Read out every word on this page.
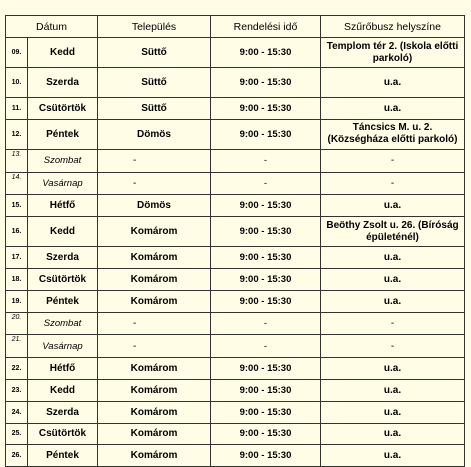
Dátum		Település	Rendelési idő	Szűrőbusz helyszíne
09.	Kedd	Süttő	9:00 - 15:30	Templom tér 2. (Iskola előtti parkoló)
10.	Szerda	Süttő	9:00 - 15:30	u.a.
11.	Csütörtök	Süttő	9:00 - 15:30	u.a.
12.	Péntek	Dömös	9:00 - 15:30	Táncsics M. u. 2. (Községháza előtti parkoló)
13.	Szombat	-	-	-
14.	Vasárnap	-	-	-
15.	Hétfő	Dömös	9:00 - 15:30	u.a.
16.	Kedd	Komárom	9:00 - 15:30	Beöthy Zsolt u. 26. (Bíróság épületénél)
17.	Szerda	Komárom	9:00 - 15:30	u.a.
18.	Csütörtök	Komárom	9:00 - 15:30	u.a.
19.	Péntek	Komárom	9:00 - 15:30	u.a.
20.	Szombat	-	-	-
21.	Vasárnap	-	-	-
22.	Hétfő	Komárom	9:00 - 15:30	u.a.
23.	Kedd	Komárom	9:00 - 15:30	u.a.
24.	Szerda	Komárom	9:00 - 15:30	u.a.
25.	Csütörtök	Komárom	9:00 - 15:30	u.a.
26.	Péntek	Komárom	9:00 - 15:30	u.a.
